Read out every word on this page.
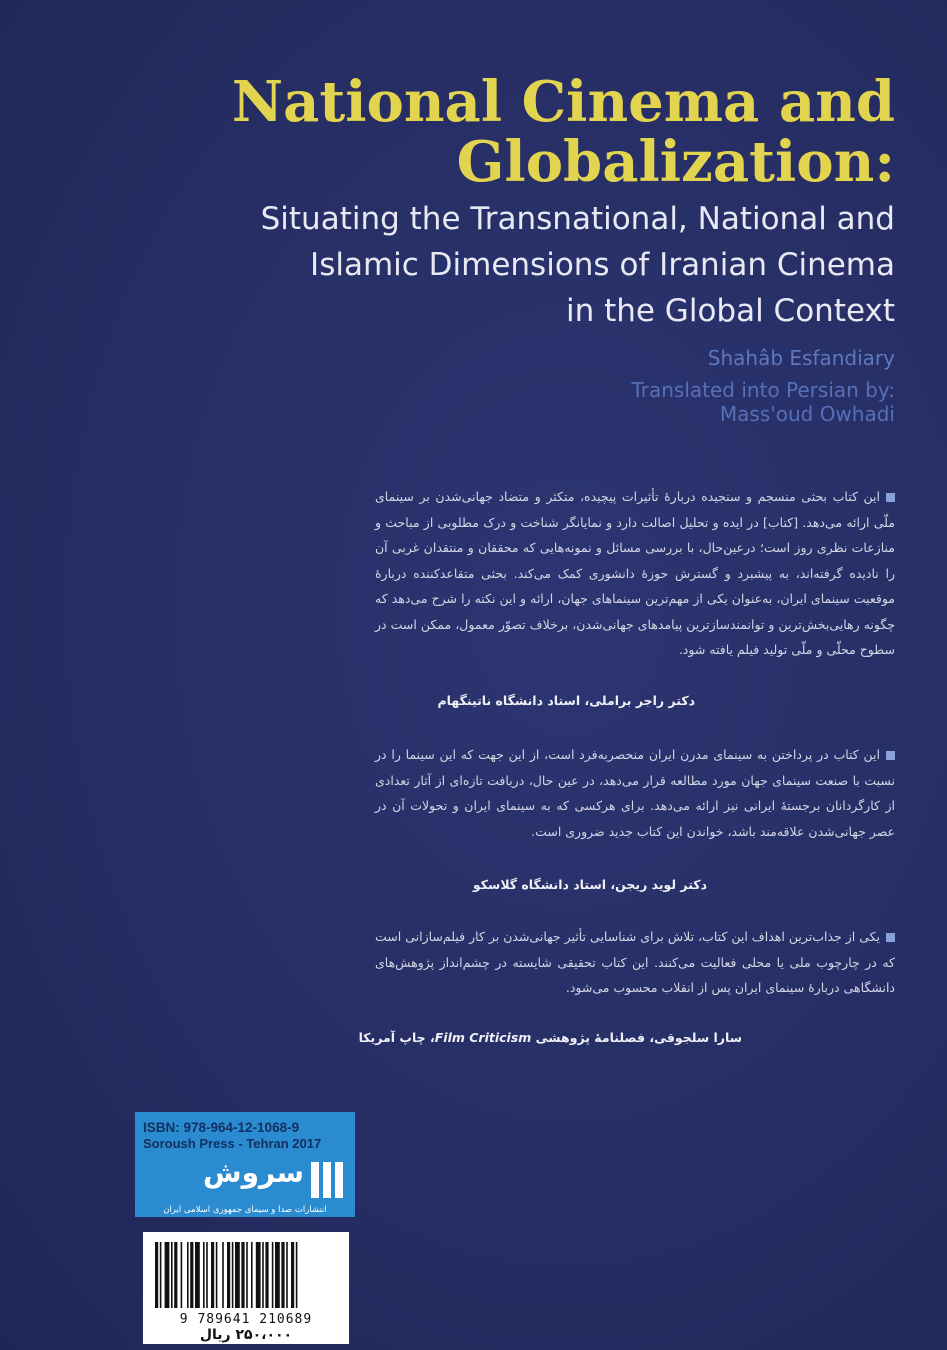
National Cinema and
Globalization:
Situating the Transnational, National and
Islamic Dimensions of Iranian Cinema
in the Global Context
Shahâb Esfandiary
Translated into Persian by:
Mass'oud Owhadi
این کتاب بحثی منسجم و سنجیده دربارهٔ تأثیرات پیچیده، متکثر و متضاد جهانی‌شدن بر سینمای ملّی ارائه می‌دهد. [کتاب] در ایده و تحلیل اصالت دارد و نمایانگر شناخت و درک مطلوبی از مباحث و منازعات نظری روز است؛ درعین‌حال، با بررسی مسائل و نمونه‌هایی که محققان و منتقدان غربی آن را نادیده گرفته‌اند، به پیشبرد و گسترش حوزهٔ دانشوری کمک می‌کند. بحثی متقاعدکننده دربارهٔ موقعیت سینمای ایران، به‌عنوان یکی از مهم‌ترین سینماهای جهان، ارائه و این نکته را شرح می‌دهد که چگونه رهایی‌بخش‌ترین و توانمندسازترین پیامدهای جهانی‌شدن، برخلاف تصوّر معمول، ممکن است در سطوح محلّی و ملّی تولید فیلم یافته شود.
دکتر راجر براملی، استاد دانشگاه ناتینگهام
این کتاب در پرداختن به سینمای مدرن ایران منحصربه‌فرد است، از این جهت که این سینما را در نسبت با صنعت سینمای جهان مورد مطالعه قرار می‌دهد، در عین حال، دریافت تازه‌ای از آثار تعدادی از کارگردانان برجستهٔ ایرانی نیز ارائه می‌دهد. برای هرکسی که به سینمای ایران و تحولات آن در عصر جهانی‌شدن علاقه‌مند باشد، خواندن این کتاب جدید ضروری است.
دکتر لوید ریجن، استاد دانشگاه گلاسکو
یکی از جذاب‌ترین اهداف این کتاب، تلاش برای شناسایی تأثیر جهانی‌شدن بر کار فیلم‌سازانی است که در چارچوب ملی یا محلی فعالیت می‌کنند. این کتاب تحقیقی شایسته در چشم‌انداز پژوهش‌های دانشگاهی دربارهٔ سینمای ایران پس از انقلاب محسوب می‌شود.
سارا سلجوقی، فصلنامهٔ پژوهشی Film Criticism، چاپ آمریکا
ISBN: 978-964-12-1068-9
Soroush Press - Tehran 2017
سروش
انتشارات صدا و سیمای جمهوری اسلامی ایران
9 789641 210689
۲۵۰،۰۰۰ ریال
